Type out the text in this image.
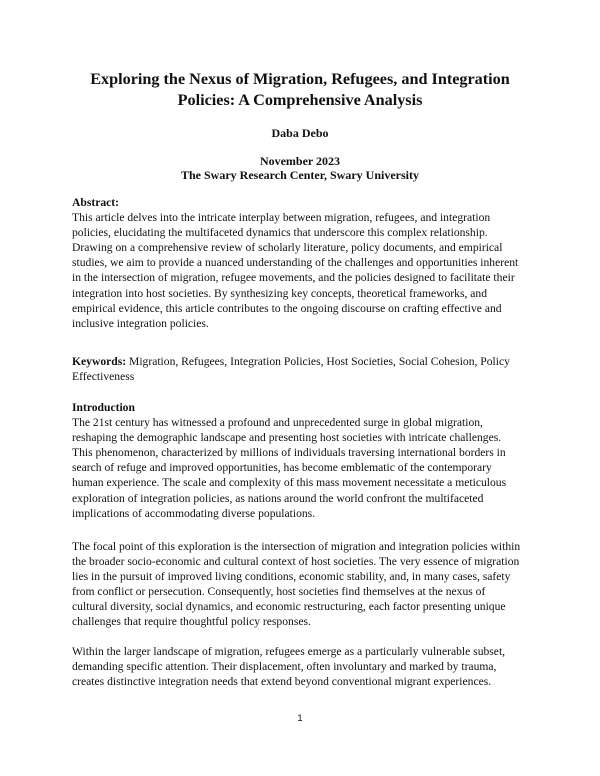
Exploring the Nexus of Migration, Refugees, and Integration
Policies: A Comprehensive Analysis

Daba Debo

November 2023

The Swary Research Center, Swary University

Abstract:
This article delves into the intricate interplay between migration, refugees, and integration
policies, elucidating the multifaceted dynamics that underscore this complex relationship.
Drawing on a comprehensive review of scholarly literature, policy documents, and empirical
studies, we aim to provide a nuanced understanding of the challenges and opportunities inherent
in the intersection of migration, refugee movements, and the policies designed to facilitate their
integration into host societies. By synthesizing key concepts, theoretical frameworks, and
empirical evidence, this article contributes to the ongoing discourse on crafting effective and
inclusive integration policies.
Keywords: Migration, Refugees, Integration Policies, Host Societies, Social Cohesion, Policy
Effectiveness
Introduction
The 21st century has witnessed a profound and unprecedented surge in global migration,
reshaping the demographic landscape and presenting host societies with intricate challenges.
This phenomenon, characterized by millions of individuals traversing international borders in
search of refuge and improved opportunities, has become emblematic of the contemporary
human experience. The scale and complexity of this mass movement necessitate a meticulous
exploration of integration policies, as nations around the world confront the multifaceted
implications of accommodating diverse populations.
The focal point of this exploration is the intersection of migration and integration policies within
the broader socio-economic and cultural context of host societies. The very essence of migration
lies in the pursuit of improved living conditions, economic stability, and, in many cases, safety
from conflict or persecution. Consequently, host societies find themselves at the nexus of
cultural diversity, social dynamics, and economic restructuring, each factor presenting unique
challenges that require thoughtful policy responses.
Within the larger landscape of migration, refugees emerge as a particularly vulnerable subset,
demanding specific attention. Their displacement, often involuntary and marked by trauma,
creates distinctive integration needs that extend beyond conventional migrant experiences.
1
